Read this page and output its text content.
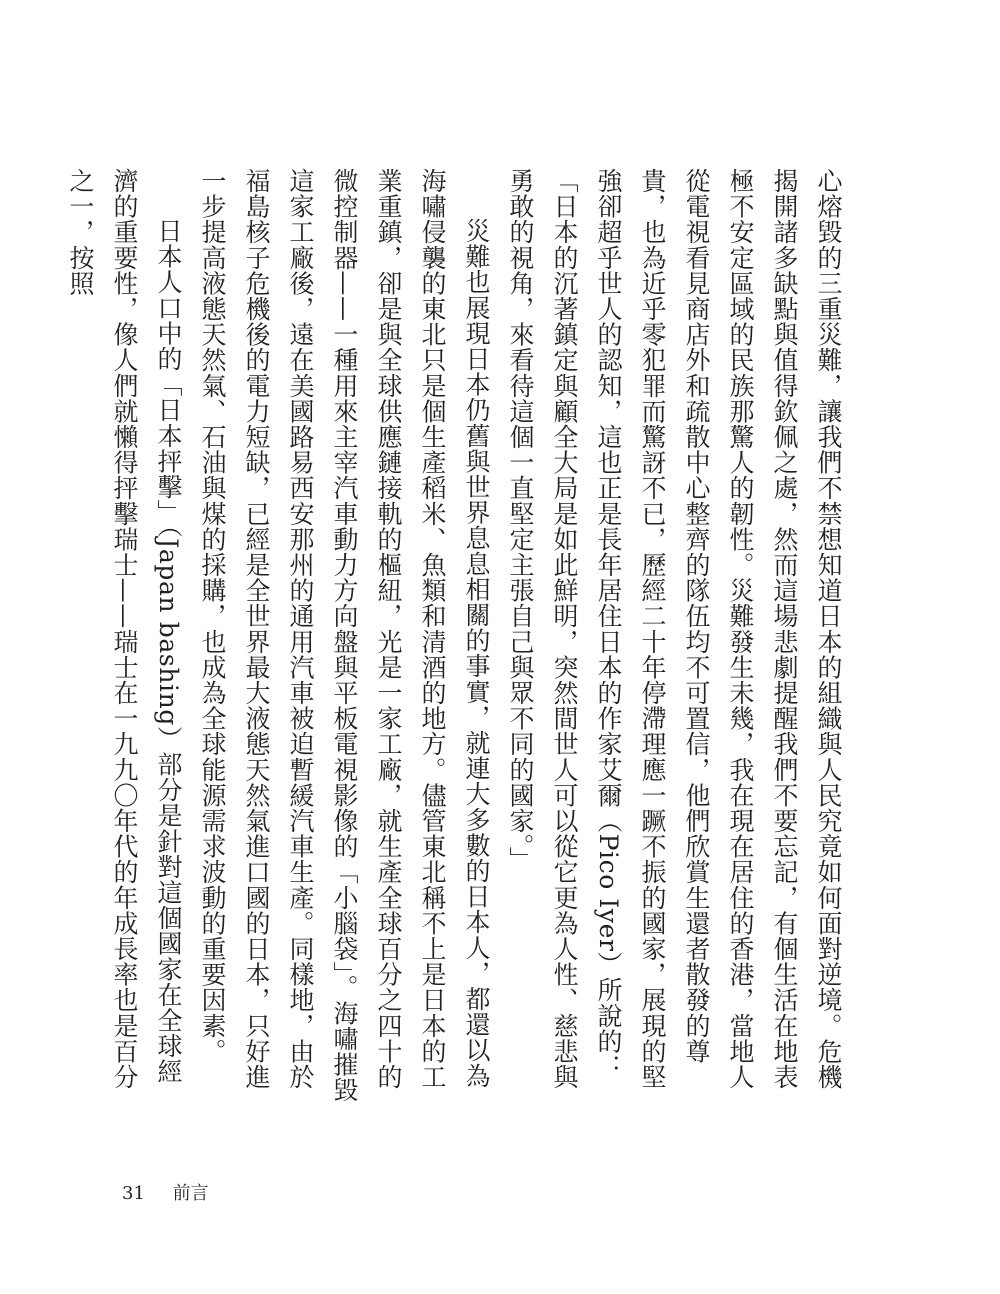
心熔毀的三重災難，讓我們不禁想知道日本的組織與人民究竟如何面對逆境。危機揭開諸多缺點與值得欽佩之處，然而這場悲劇提醒我們不要忘記，有個生活在地表極不安定區域的民族那驚人的韌性。災難發生未幾，我在現在居住的香港，當地人從電視看見商店外和疏散中心整齊的隊伍均不可置信，他們欣賞生還者散發的尊貴，也為近乎零犯罪而驚訝不已，歷經二十年停滯理應一蹶不振的國家，展現的堅強卻超乎世人的認知，這也正是長年居住日本的作家艾爾（Pico Iyer）所說的：「日本的沉著鎮定與顧全大局是如此鮮明，突然間世人可以從它更為人性、慈悲與勇敢的視角，來看待這個一直堅定主張自己與眾不同的國家。」

災難也展現日本仍舊與世界息息相關的事實，就連大多數的日本人，都還以為海嘯侵襲的東北只是個生產稻米、魚類和清酒的地方。儘管東北稱不上是日本的工業重鎮，卻是與全球供應鏈接軌的樞紐，光是一家工廠，就生產全球百分之四十的微控制器——一種用來主宰汽車動力方向盤與平板電視影像的「小腦袋」。海嘯摧毀這家工廠後，遠在美國路易西安那州的通用汽車被迫暫緩汽車生產。同樣地，由於福島核子危機後的電力短缺，已經是全世界最大液態天然氣進口國的日本，只好進一步提高液態天然氣、石油與煤的採購，也成為全球能源需求波動的重要因素。

日本人口中的「日本抨擊」（Japan bashing）部分是針對這個國家在全球經濟的重要性，像人們就懶得抨擊瑞士——瑞士在一九九〇年代的年成長率也是百分之一，按照

31 前言
